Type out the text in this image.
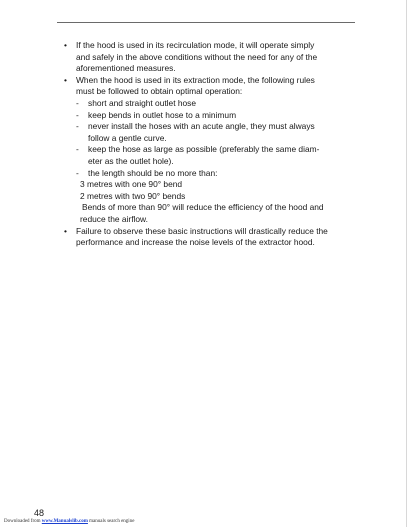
• If the hood is used in its recirculation mode, it will operate simply
and safely in the above conditions without the need for any of the
aforementioned measures.
• When the hood is used in its extraction mode, the following rules
must be followed to obtain optimal operation:
- short and straight outlet hose
- keep bends in outlet hose to a minimum
- never install the hoses with an acute angle, they must always
follow a gentle curve.
- keep the hose as large as possible (preferably the same diam-
eter as the outlet hole).
- the length should be no more than:
3 metres with one 90° bend
2 metres with two 90° bends
Bends of more than 90° will reduce the efficiency of the hood and
reduce the airflow.
• Failure to observe these basic instructions will drastically reduce the
performance and increase the noise levels of the extractor hood.
48
Downloaded from www.Manualslib.com manuals search engine
